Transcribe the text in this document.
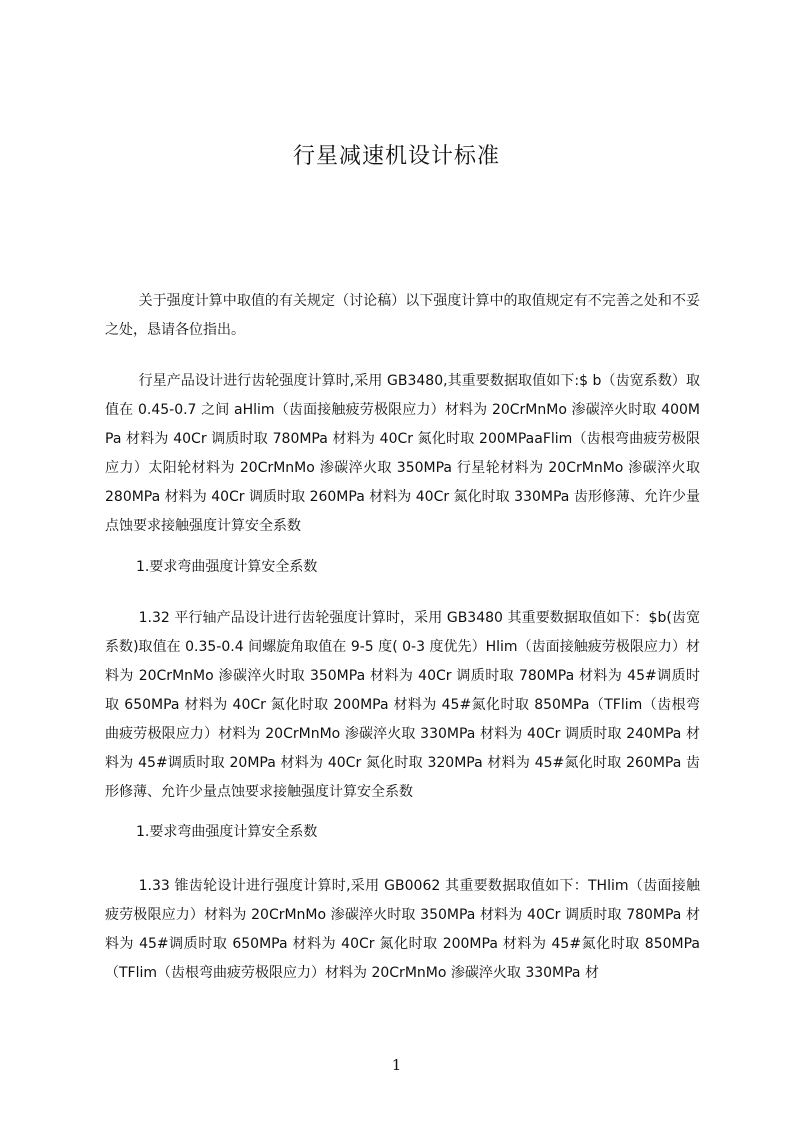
行星减速机设计标准

关于强度计算中取值的有关规定（讨论稿）以下强度计算中的取值规定有不完善之处和不妥之处，恳请各位指出。

行星产品设计进行齿轮强度计算时,采用 GB3480,其重要数据取值如下:$ b（齿宽系数）取值在 0.45-0.7 之间 aHlim（齿面接触疲劳极限应力）材料为 20CrMnMo 渗碳淬火时取 400MPa 材料为 40Cr 调质时取 780MPa 材料为 40Cr 氮化时取 200MPaaFlim（齿根弯曲疲劳极限应力）太阳轮材料为 20CrMnMo 渗碳淬火取 350MPa 行星轮材料为 20CrMnMo 渗碳淬火取 280MPa 材料为 40Cr 调质时取 260MPa 材料为 40Cr 氮化时取 330MPa 齿形修薄、允许少量点蚀要求接触强度计算安全系数

1.要求弯曲强度计算安全系数

1.32 平行轴产品设计进行齿轮强度计算时，采用 GB3480 其重要数据取值如下：$b(齿宽系数)取值在 0.35-0.4 间螺旋角取值在 9-5 度( 0-3 度优先）Hlim（齿面接触疲劳极限应力）材料为 20CrMnMo 渗碳淬火时取 350MPa 材料为 40Cr 调质时取 780MPa 材料为 45#调质时取 650MPa 材料为 40Cr 氮化时取 200MPa 材料为 45#氮化时取 850MPa（TFlim（齿根弯曲疲劳极限应力）材料为 20CrMnMo 渗碳淬火取 330MPa 材料为 40Cr 调质时取 240MPa 材料为 45#调质时取 20MPa 材料为 40Cr 氮化时取 320MPa 材料为 45#氮化时取 260MPa 齿形修薄、允许少量点蚀要求接触强度计算安全系数

1.要求弯曲强度计算安全系数

1.33 锥齿轮设计进行强度计算时,采用 GB0062 其重要数据取值如下：THlim（齿面接触疲劳极限应力）材料为 20CrMnMo 渗碳淬火时取 350MPa 材料为 40Cr 调质时取 780MPa 材料为 45#调质时取 650MPa 材料为 40Cr 氮化时取 200MPa 材料为 45#氮化时取 850MPa（TFlim（齿根弯曲疲劳极限应力）材料为 20CrMnMo 渗碳淬火取 330MPa 材

1
